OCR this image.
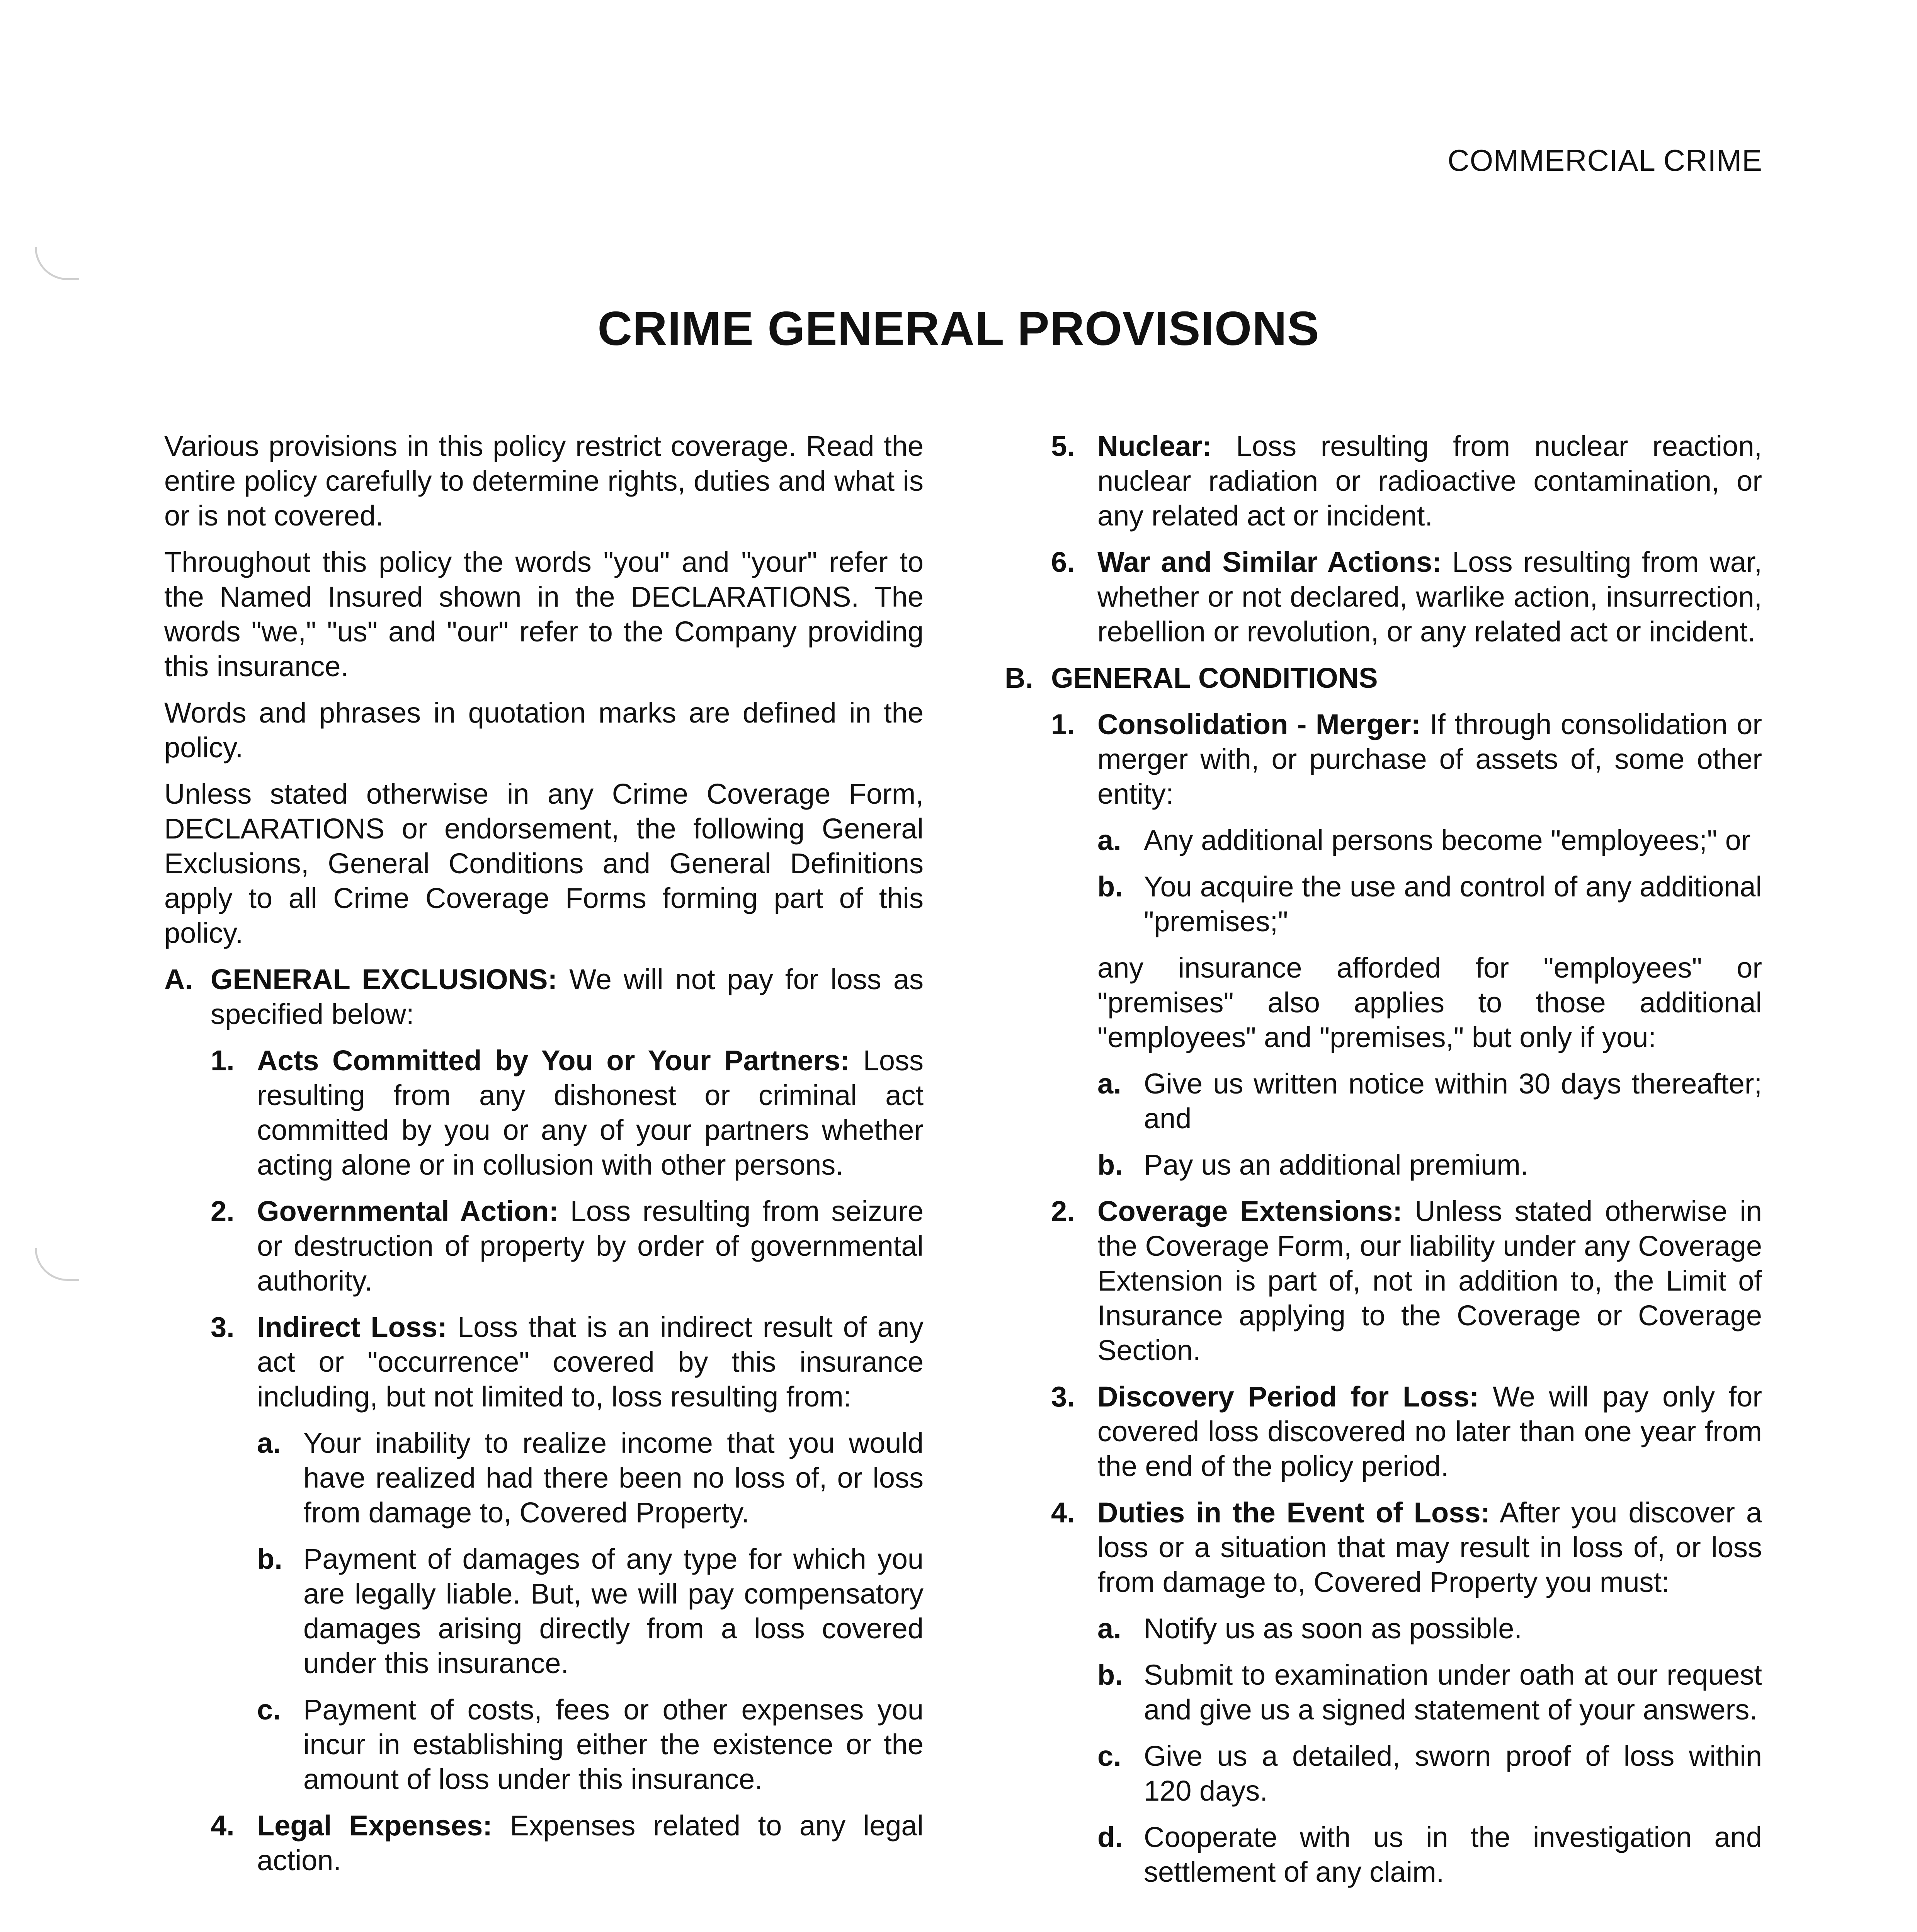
COMMERCIAL CRIME
CRIME GENERAL PROVISIONS

Various provisions in this policy restrict coverage. Read the entire policy carefully to determine rights, duties and what is or is not covered.

Throughout this policy the words "you" and "your" refer to the Named Insured shown in the DECLARATIONS. The words "we," "us" and "our" refer to the Company providing this insurance.

Words and phrases in quotation marks are defined in the policy.

Unless stated otherwise in any Crime Coverage Form, DECLARATIONS or endorsement, the following General Exclusions, General Conditions and General Definitions apply to all Crime Coverage Forms forming part of this policy.

A. GENERAL EXCLUSIONS: We will not pay for loss as specified below:
1. Acts Committed by You or Your Partners: Loss resulting from any dishonest or criminal act committed by you or any of your partners whether acting alone or in collusion with other persons.
2. Governmental Action: Loss resulting from seizure or destruction of property by order of governmental authority.
3. Indirect Loss: Loss that is an indirect result of any act or "occurrence" covered by this insurance including, but not limited to, loss resulting from:
a. Your inability to realize income that you would have realized had there been no loss of, or loss from damage to, Covered Property.
b. Payment of damages of any type for which you are legally liable. But, we will pay compensatory damages arising directly from a loss covered under this insurance.
c. Payment of costs, fees or other expenses you incur in establishing either the existence or the amount of loss under this insurance.
4. Legal Expenses: Expenses related to any legal action.
5. Nuclear: Loss resulting from nuclear reaction, nuclear radiation or radioactive contamination, or any related act or incident.
6. War and Similar Actions: Loss resulting from war, whether or not declared, warlike action, insurrection, rebellion or revolution, or any related act or incident.
B. GENERAL CONDITIONS
1. Consolidation - Merger: If through consolidation or merger with, or purchase of assets of, some other entity:
a. Any additional persons become "employees;" or
b. You acquire the use and control of any additional "premises;"

any insurance afforded for "employees" or "premises" also applies to those additional "employees" and "premises," but only if you:

a. Give us written notice within 30 days thereafter; and
b. Pay us an additional premium.
2. Coverage Extensions: Unless stated otherwise in the Coverage Form, our liability under any Coverage Extension is part of, not in addition to, the Limit of Insurance applying to the Coverage or Coverage Section.
3. Discovery Period for Loss: We will pay only for covered loss discovered no later than one year from the end of the policy period.
4. Duties in the Event of Loss: After you discover a loss or a situation that may result in loss of, or loss from damage to, Covered Property you must:
a. Notify us as soon as possible.
b. Submit to examination under oath at our request and give us a signed statement of your answers.
c. Give us a detailed, sworn proof of loss within 120 days.
d. Cooperate with us in the investigation and settlement of any claim.
